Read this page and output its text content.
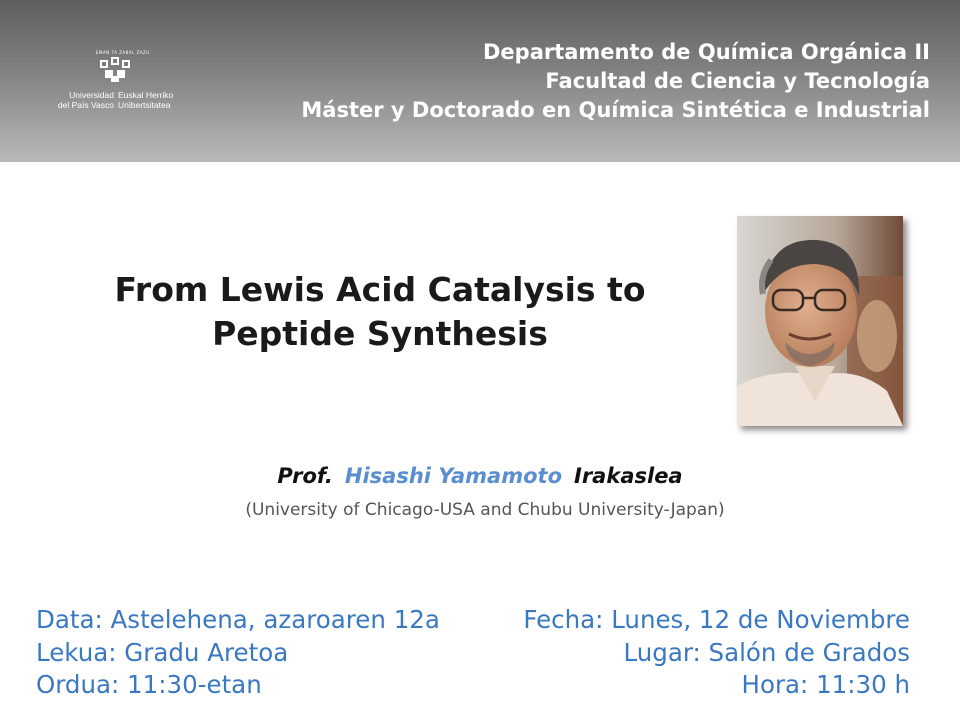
EMAN TA ZABAL ZAZU
Universidad
del País Vasco
Euskal Herriko
Unibertsitatea
Departamento de Química Orgánica II
Facultad de Ciencia y Tecnología
Máster y Doctorado en Química Sintética e Industrial
From Lewis Acid Catalysis to
Peptide Synthesis
Prof. Hisashi Yamamoto Irakaslea
(University of Chicago-USA and Chubu University-Japan)
Data: Astelehena, azaroaren 12a
Lekua: Gradu Aretoa
Ordua: 11:30-etan
Fecha: Lunes, 12 de Noviembre
Lugar: Salón de Grados
Hora: 11:30 h
